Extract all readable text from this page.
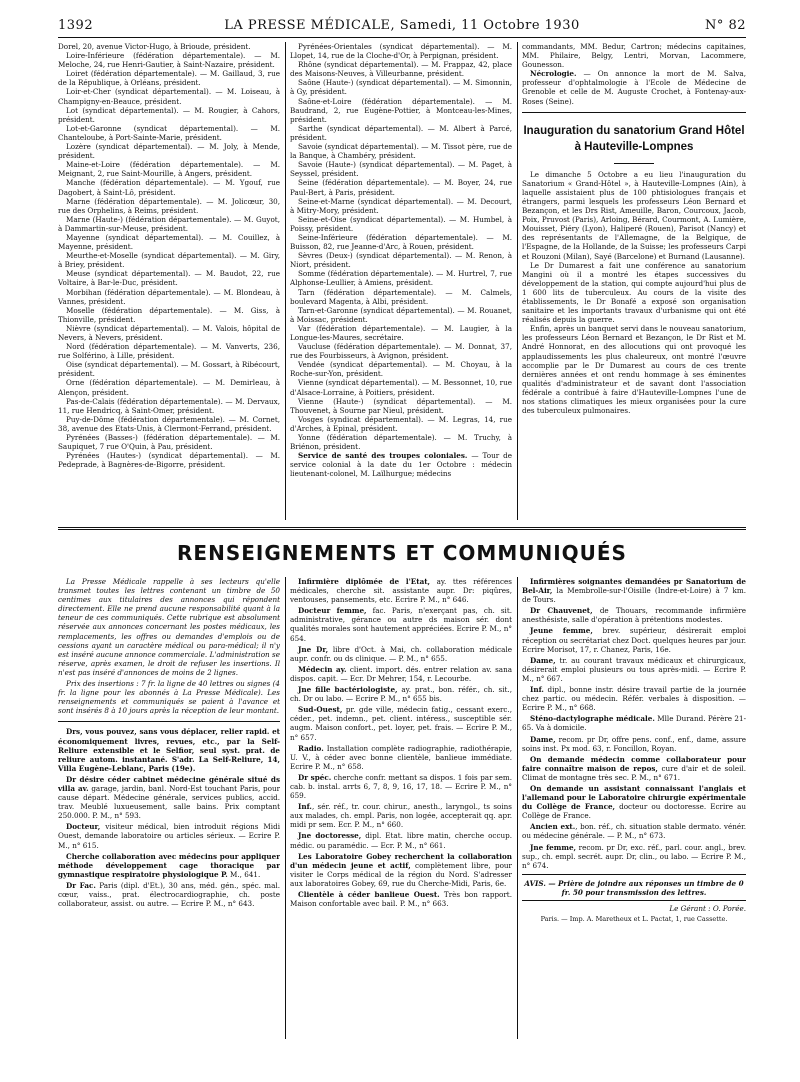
1392	LA PRESSE MÉDICALE, Samedi, 11 Octobre 1930	N° 82

Dorel, 20, avenue Victor-Hugo, à Brioude, président.

Loire-Inférieure (fédération départementale). — M. Meloche, 24, rue Henri-Gautier, à Saint-Nazaire, président.

Loiret (fédération départementale). — M. Gaillaud, 3, rue de la République, à Orléans, président.

Loir-et-Cher (syndicat départemental). — M. Loiseau, à Champigny-en-Beauce, président.

Lot (syndicat départemental). — M. Rougier, à Cahors, président.

Lot-et-Garonne (syndicat départemental). — M. Chanteloube, à Port-Sainte-Marie, président.

Lozère (syndicat départemental). — M. Joly, à Mende, président.

Maine-et-Loire (fédération départementale). — M. Meignant, 2, rue Saint-Mourille, à Angers, président.

Manche (fédération départementale). — M. Ygouf, rue Dagobert, à Saint-Lô, président.

Marne (fédération départementale). — M. Jolicœur, 30, rue des Orphelins, à Reims, président.

Marne (Haute-) (fédération départementale). — M. Guyot, à Dammartin-sur-Meuse, président.

Mayenne (syndicat départemental). — M. Couillez, à Mayenne, président.

Meurthe-et-Moselle (syndicat départemental). — M. Giry, à Briey, président.

Meuse (syndicat départemental). — M. Baudot, 22, rue Voltaire, à Bar-le-Duc, président.

Morbihan (fédération départementale). — M. Blondeau, à Vannes, président.

Moselle (fédération départementale). — M. Giss, à Thionville, président.

Nièvre (syndicat départemental). — M. Valois, hôpital de Nevers, à Nevers, président.

Nord (fédération départementale). — M. Vanverts, 236, rue Solférino, à Lille, président.

Oise (syndicat départemental). — M. Gossart, à Ribécourt, président.

Orne (fédération départementale). — M. Demirleau, à Alençon, président.

Pas-de-Calais (fédération départementale). — M. Dervaux, 11, rue Hendricq, à Saint-Omer, président.

Puy-de-Dôme (fédération départementale). — M. Cornet, 38, avenue des Etats-Unis, à Clermont-Ferrand, président.

Pyrénées (Basses-) (fédération départementale). — M. Saupiquet, 7 rue O'Quin, à Pau, président.

Pyrénées (Hautes-) (syndicat départemental). — M. Pedeprade, à Bagnères-de-Bigorre, président.

Pyrénées-Orientales (syndicat départemental). — M. Llopet, 14, rue de la Cloche-d'Or, à Perpignan, président.

Rhône (syndicat départemental). — M. Frappaz, 42, place des Maisons-Neuves, à Villeurbanne, président.

Saône (Haute-) (syndicat départemental). — M. Simonnin, à Gy, président.

Saône-et-Loire (fédération départementale). — M. Baudrand, 2, rue Eugène-Pottier, à Montceau-les-Mines, président.

Sarthe (syndicat départemental). — M. Albert à Parcé, président.

Savoie (syndicat départemental). — M. Tissot père, rue de la Banque, à Chambéry, président.

Savoie (Haute-) (syndicat départemental). — M. Paget, à Seyssel, président.

Seine (fédération départementale). — M. Boyer, 24, rue Paul-Bert, à Paris, président.

Seine-et-Marne (syndicat départemental). — M. Decourt, à Mitry-Mory, président.

Seine-et-Oise (syndicat départemental). — M. Humbel, à Poissy, président.

Seine-Inférieure (fédération départementale). — M. Buisson, 82, rue Jeanne-d'Arc, à Rouen, président.

Sèvres (Deux-) (syndicat départemental). — M. Renon, à Niort, président.

Somme (fédération départementale). — M. Hurtrel, 7, rue Alphonse-Leullier, à Amiens, président.

Tarn (fédération départementale). — M. Calmels, boulevard Magenta, à Albi, président.

Tarn-et-Garonne (syndicat départemental). — M. Rouanet, à Moissac, président.

Var (fédération départementale). — M. Laugier, à la Longue-les-Maures, secrétaire.

Vaucluse (fédération départementale). — M. Donnat, 37, rue des Fourbisseurs, à Avignon, président.

Vendée (syndicat départemental). — M. Choyau, à la Roche-sur-Yon, président.

Vienne (syndicat départemental). — M. Bessonnet, 10, rue d'Alsace-Lorraine, à Poitiers, président.

Vienne (Haute-) (syndicat départemental). — M. Thouvenet, à Sourne par Nieul, président.

Vosges (syndicat départemental). — M. Legras, 14, rue d'Arches, à Epinal, président.

Yonne (fédération départementale). — M. Truchy, à Briénon, président.

Service de santé des troupes coloniales. — Tour de service colonial à la date du 1er Octobre : médecin lieutenant-colonel, M. Laïlhurgue; médecins

commandants, MM. Bedur, Cartron; médecins capitaines, MM. Philaire, Belgy, Lentri, Morvan, Lacommere, Gounesson.

Nécrologie. — On annonce la mort de M. Salva, professeur d'ophtalmologie à l'Ecole de Médecine de Grenoble et celle de M. Auguste Crochet, à Fontenay-aux-Roses (Seine).

Inauguration du sanatorium Grand Hôtel
à Hauteville-Lompnes

Le dimanche 5 Octobre a eu lieu l'inauguration du Sanatorium « Grand-Hôtel », à Hauteville-Lompnes (Ain), à laquelle assistaient plus de 100 phtisiologues français et étrangers, parmi lesquels les professeurs Léon Bernard et Bezançon, et les Drs Rist, Ameuille, Baron, Courcoux, Jacob, Poix, Pruvost (Paris), Arloing, Bérard, Courmont, A. Lumière, Mouisset, Piéry (Lyon), Haliperé (Rouen), Parisot (Nancy) et des représentants de l'Allemagne, de la Belgique, de l'Espagne, de la Hollande, de la Suisse; les professeurs Carpi et Rouzoni (Milan), Sayé (Barcelone) et Burnand (Lausanne).

Le Dr Dumarest a fait une conférence au sanatorium Mangini où il a montré les étapes successives du développement de la station, qui compte aujourd'hui plus de 1 600 lits de tuberculeux. Au cours de la visite des établissements, le Dr Bonafé a exposé son organisation sanitaire et les importants travaux d'urbanisme qui ont été réalisés depuis la guerre.

Enfin, après un banquet servi dans le nouveau sanatorium, les professeurs Léon Bernard et Bezançon, le Dr Rist et M. André Honnorat, en des allocutions qui ont provoqué les applaudissements les plus chaleureux, ont montré l'œuvre accomplie par le Dr Dumarest au cours de ces trente dernières années et ont rendu hommage à ses éminentes qualités d'administrateur et de savant dont l'association fédérale a contribué à faire d'Hauteville-Lompnes l'une de nos stations climatiques les mieux organisées pour la cure des tuberculeux pulmonaires.

RENSEIGNEMENTS ET COMMUNIQUÉS

La Presse Médicale rappelle à ses lecteurs qu'elle transmet toutes les lettres contenant un timbre de 50 centimes aux titulaires des annonces qui répondent directement. Elle ne prend aucune responsabilité quant à la teneur de ces communiqués. Cette rubrique est absolument réservée aux annonces concernant les postes médicaux, les remplacements, les offres ou demandes d'emplois ou de cessions ayant un caractère médical ou para-médical; il n'y est inséré aucune annonce commerciale. L'administration se réserve, après examen, le droit de refuser les insertions. Il n'est pas inséré d'annonces de moins de 2 lignes.

Prix des insertions : 7 fr. la ligne de 40 lettres ou signes (4 fr. la ligne pour les abonnés à La Presse Médicale). Les renseignements et communiqués se paient à l'avance et sont insérés 8 à 10 jours après la réception de leur montant.

Drs, vous pouvez, sans vous déplacer, relier rapid. et économiquement livres, revues, etc., par la Self-Reliure extensible et le Selfior, seul syst. prat. de reliure autom. instantané. S'adr. La Self-Reliure, 14, Villa Eugène-Leblanc, Paris (19e).

Dr désire céder cabinet médecine générale situé ds villa av. garage, jardin, banl. Nord-Est touchant Paris, pour cause départ. Médecine générale, services publics, accid. trav. Meublé luxueusement, salle bains. Prix comptant 250.000. P. M., n° 593.

Docteur, visiteur médical, bien introduit régions Midi Ouest, demande laboratoire ou articles sérieux. — Ecrire P. M., n° 615.

Cherche collaboration avec médecins pour appliquer méthode développement cage thoracique par gymnastique respiratoire physiologique P. M., 641.

Dr Fac. Paris (dipl. d'Et.), 30 ans, méd. gén., spéc. mal. cœur, vaiss., prat. électrocardiographie, ch. poste collaborateur, assist. ou autre. — Ecrire P. M., n° 643.

Infirmière diplômée de l'Etat, ay. ttes références médicales, cherche sit. assistante aupr. Dr: piqûres, ventouses, pansements, etc. Ecrire P. M., n° 646.

Docteur femme, fac. Paris, n'exerçant pas, ch. sit. administrative, gérance ou autre ds maison sér. dont qualités morales sont hautement appréciées. Ecrire P. M., n° 654.

Jne Dr, libre d'Oct. à Mai, ch. collaboration médicale aupr. confr. ou ds clinique. — P. M., n° 655.

Médecin ay. client. import. dés. entrer relation av. sana dispos. capit. — Ecr. Dr Mehrer, 154, r. Lecourbe.

Jne fille bactériologiste, ay. prat., bon. référ., ch. sit., ch. Dr ou labo. — Ecrire P. M., n° 655 bis.

Sud-Ouest, pr. gde ville, médecin fatig., cessant exerc., céder., pet. indemn., pet. client. intéress., susceptible sér. augm. Maison confort., pet. loyer, pet. frais. — Ecrire P. M., n° 657.

Radio. Installation complète radiographie, radiothérapie, U. V., à céder avec bonne clientèle, banlieue immédiate. Ecrire P. M., n° 658.

Dr spéc. cherche confr. mettant sa dispos. 1 fois par sem. cab. b. instal. arrts 6, 7, 8, 9, 16, 17, 18. — Ecrire P. M., n° 659.

Inf., sér. réf., tr. cour. chirur., anesth., laryngol., ts soins aux malades, ch. empl. Paris, non logée, accepterait qq. apr. midi pr sem. Ecr. P. M., n° 660.

Jne doctoresse, dipl. Etat. libre matin, cherche occup. médic. ou paramédic. — Ecr. P. M., n° 661.

Les Laboratoire Gobey recherchent la collaboration d'un médecin jeune et actif, complètement libre, pour visiter le Corps médical de la région du Nord. S'adresser aux laboratoires Gobey, 69, rue du Cherche-Midi, Paris, 6e.

Clientèle à céder banlieue Ouest. Très bon rapport. Maison confortable avec bail. P. M., n° 663.

Infirmières soignantes demandées pr Sanatorium de Bel-Air, la Membrolle-sur-l'Oisille (Indre-et-Loire) à 7 km. de Tours.

Dr Chauvenet, de Thouars, recommande infirmière anesthésiste, salle d'opération à prétentions modestes.

Jeune femme, brev. supérieur, désirerait emploi réception ou secrétariat chez Doct. quelques heures par jour. Ecrire Morisot, 17, r. Chanez, Paris, 16e.

Dame, tr. au courant travaux médicaux et chirurgicaux, désirerait emploi plusieurs ou tous après-midi. — Ecrire P. M., n° 667.

Inf. dipl., bonne instr. désire travail partie de la journée chez partic. ou médecin. Référ. verbales à disposition. — Ecrire P. M., n° 668.

Sténo-dactylographe médicale. Mlle Durand. Pérère 21-65. Va à domicile.

Dame, recom. pr Dr, offre pens. conf., enf., dame, assure soins inst. Px mod. 63, r. Foncillon, Royan.

On demande médecin comme collaborateur pour faire connaître maison de repos, cure d'air et de soleil. Climat de montagne très sec. P. M., n° 671.

On demande un assistant connaissant l'anglais et l'allemand pour le Laboratoire chirurgie expérimentale du Collège de France, docteur ou doctoresse. Ecrire au Collège de France.

Ancien ext., bon. réf., ch. situation stable dermato. vénér. ou médecine générale. — P. M., n° 673.

Jne femme, recom. pr Dr, exc. réf., parl. cour. angl., brev. sup., ch. empl. secrét. aupr. Dr, clin., ou labo. — Ecrire P. M., n° 674.

AVIS. — Prière de joindre aux réponses un timbre de 0 fr. 50 pour transmission des lettres.

Le Gérant : O. Porée.

Paris. — Imp. A. Maretheux et L. Pactat, 1, rue Cassette.
